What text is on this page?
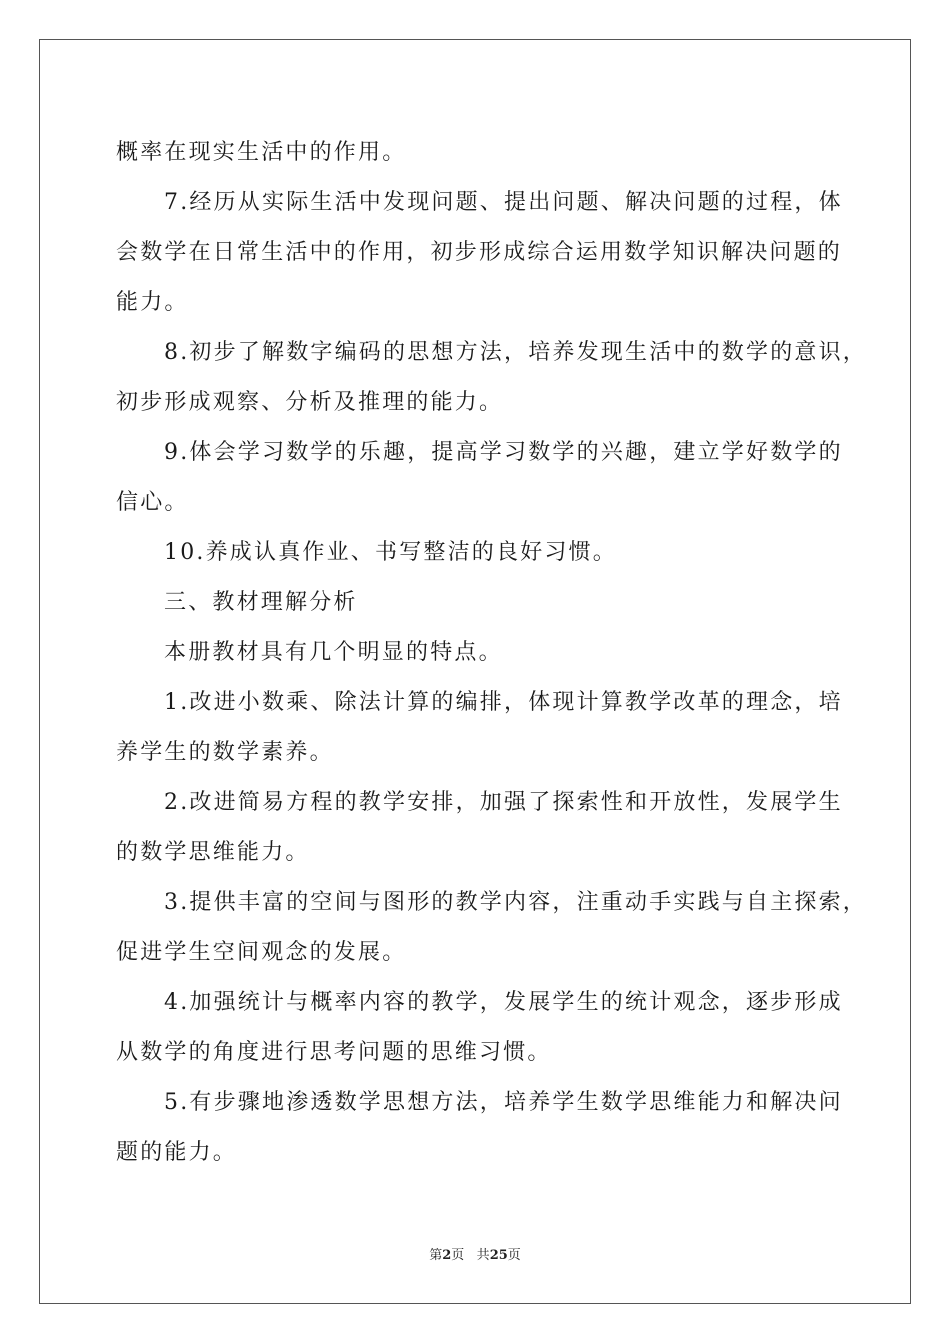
概率在现实生活中的作用。
7.经历从实际生活中发现问题、提出问题、解决问题的过程，体
会数学在日常生活中的作用，初步形成综合运用数学知识解决问题的
能力。
8.初步了解数字编码的思想方法，培养发现生活中的数学的意识，
初步形成观察、分析及推理的能力。
9.体会学习数学的乐趣，提高学习数学的兴趣，建立学好数学的
信心。
10.养成认真作业、书写整洁的良好习惯。
三、教材理解分析
本册教材具有几个明显的特点。
1.改进小数乘、除法计算的编排，体现计算教学改革的理念，培
养学生的数学素养。
2.改进简易方程的教学安排，加强了探索性和开放性，发展学生
的数学思维能力。
3.提供丰富的空间与图形的教学内容，注重动手实践与自主探索，
促进学生空间观念的发展。
4.加强统计与概率内容的教学，发展学生的统计观念，逐步形成
从数学的角度进行思考问题的思维习惯。
5.有步骤地渗透数学思想方法，培养学生数学思维能力和解决问
题的能力。
第2页 共25页
